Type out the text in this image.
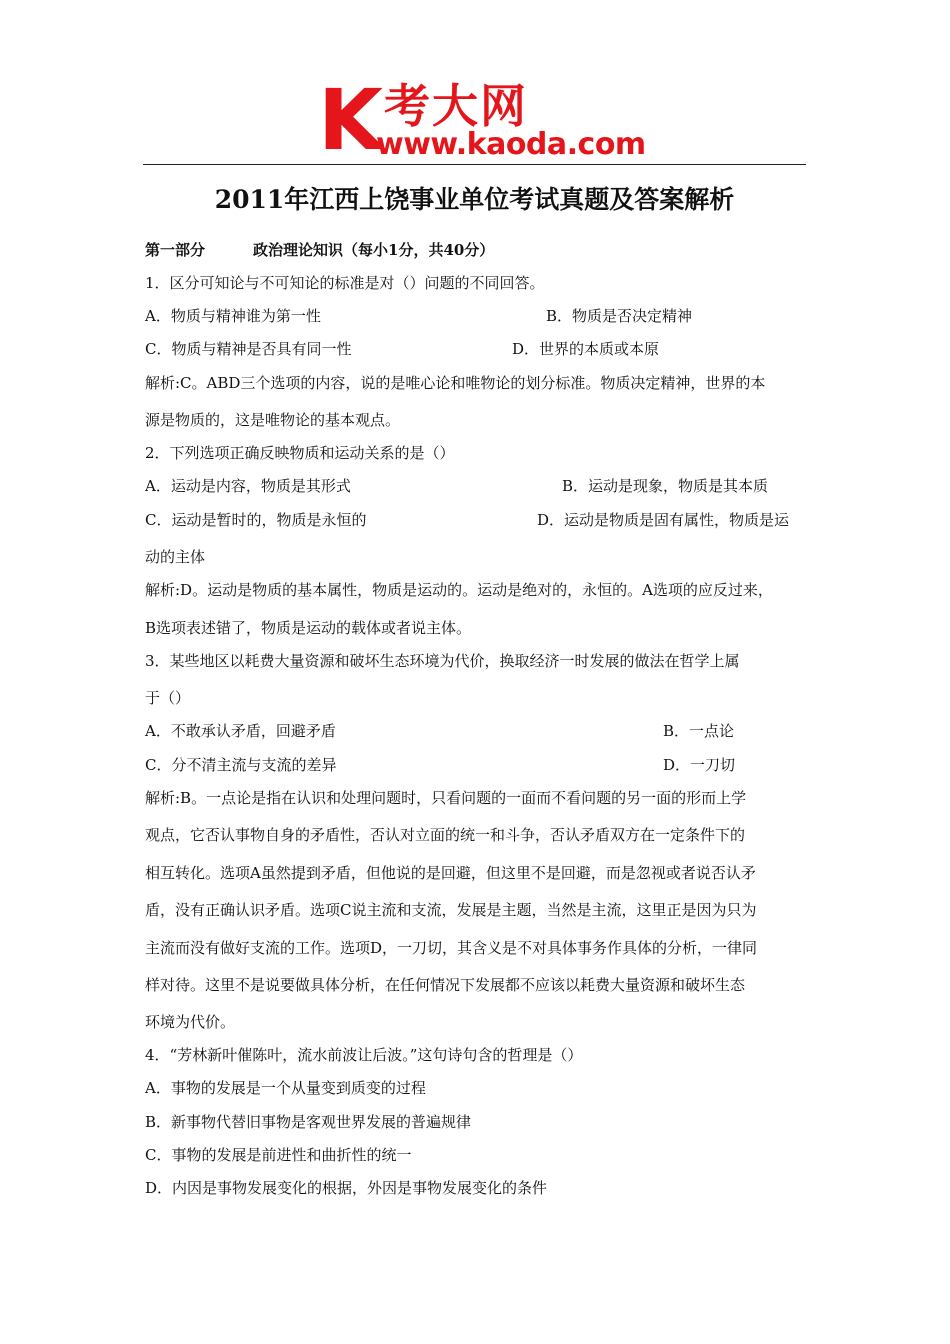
K 考大网
www.kaoda.com
2011年江西上饶事业单位考试真题及答案解析
第一部分	政治理论知识（每小1分，共40分）
1．区分可知论与不可知论的标准是对（）问题的不同回答。
A．物质与精神谁为第一性	B．物质是否决定精神
C．物质与精神是否具有同一性	D．世界的本质或本原
解析:C。ABD三个选项的内容，说的是唯心论和唯物论的划分标准。物质决定精神，世界的本
源是物质的，这是唯物论的基本观点。
2．下列选项正确反映物质和运动关系的是（）
A．运动是内容，物质是其形式	B．运动是现象，物质是其本质
C．运动是暂时的，物质是永恒的	D．运动是物质是固有属性，物质是运
动的主体
解析:D。运动是物质的基本属性，物质是运动的。运动是绝对的，永恒的。A选项的应反过来，
B选项表述错了，物质是运动的载体或者说主体。
3．某些地区以耗费大量资源和破坏生态环境为代价，换取经济一时发展的做法在哲学上属
于（）
A．不敢承认矛盾，回避矛盾	B．一点论
C．分不清主流与支流的差异	D．一刀切
解析:B。一点论是指在认识和处理问题时，只看问题的一面而不看问题的另一面的形而上学
观点，它否认事物自身的矛盾性，否认对立面的统一和斗争，否认矛盾双方在一定条件下的
相互转化。选项A虽然提到矛盾，但他说的是回避，但这里不是回避，而是忽视或者说否认矛
盾，没有正确认识矛盾。选项C说主流和支流，发展是主题，当然是主流，这里正是因为只为
主流而没有做好支流的工作。选项D，一刀切，其含义是不对具体事务作具体的分析，一律同
样对待。这里不是说要做具体分析，在任何情况下发展都不应该以耗费大量资源和破坏生态
环境为代价。
4．“芳林新叶催陈叶，流水前波让后波。”这句诗句含的哲理是（）
A．事物的发展是一个从量变到质变的过程
B．新事物代替旧事物是客观世界发展的普遍规律
C．事物的发展是前进性和曲折性的统一
D．内因是事物发展变化的根据，外因是事物发展变化的条件
